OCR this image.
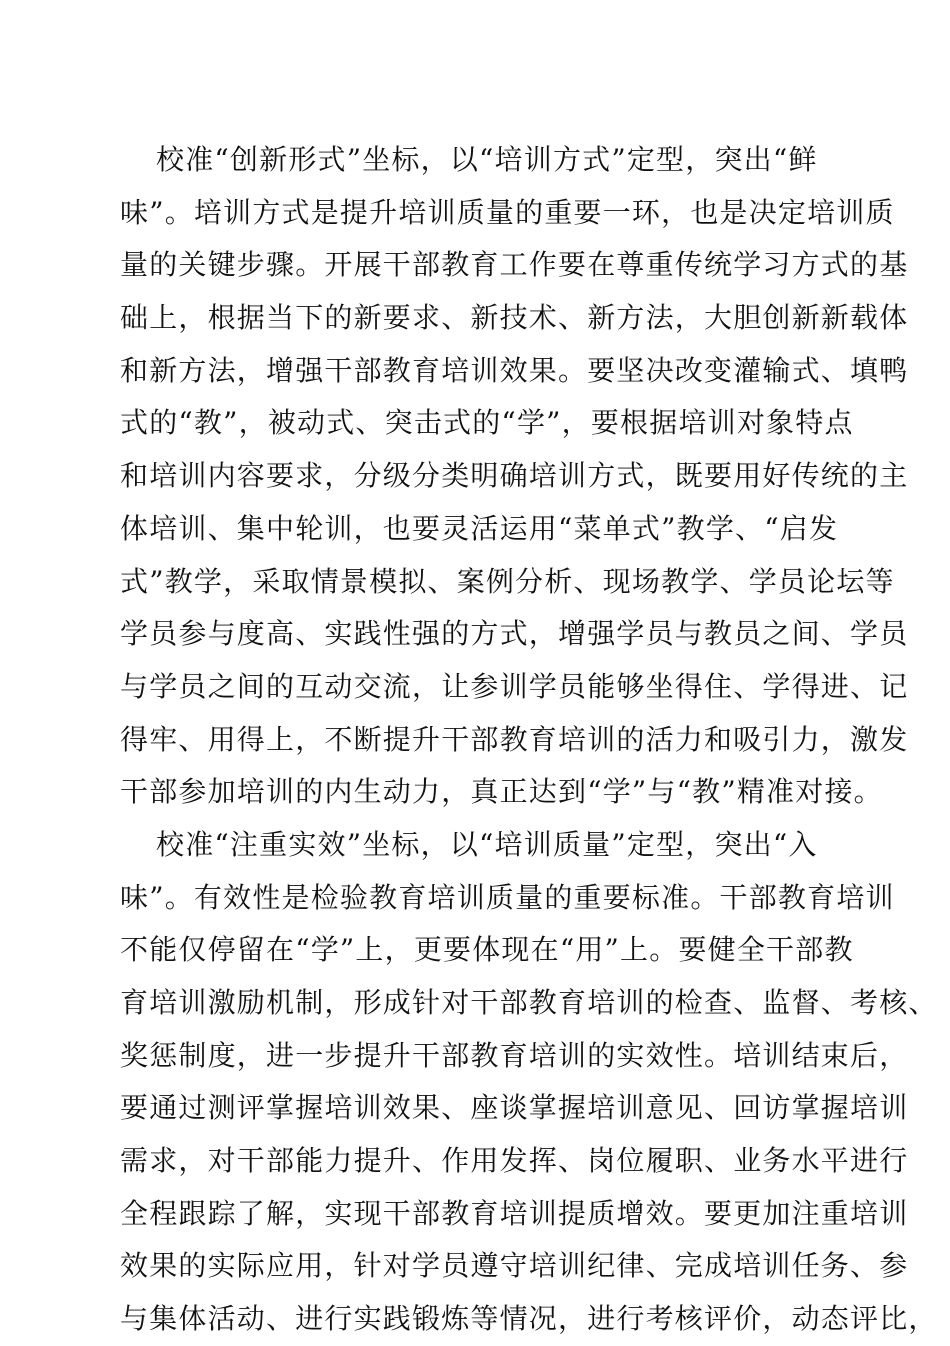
校准“创新形式”坐标，以“培训方式”定型，突出“鲜
味”。培训方式是提升培训质量的重要一环，也是决定培训质
量的关键步骤。开展干部教育工作要在尊重传统学习方式的基
础上，根据当下的新要求、新技术、新方法，大胆创新新载体
和新方法，增强干部教育培训效果。要坚决改变灌输式、填鸭
式的“教”，被动式、突击式的“学”，要根据培训对象特点
和培训内容要求，分级分类明确培训方式，既要用好传统的主
体培训、集中轮训，也要灵活运用“菜单式”教学、“启发
式”教学，采取情景模拟、案例分析、现场教学、学员论坛等
学员参与度高、实践性强的方式，增强学员与教员之间、学员
与学员之间的互动交流，让参训学员能够坐得住、学得进、记
得牢、用得上，不断提升干部教育培训的活力和吸引力，激发
干部参加培训的内生动力，真正达到“学”与“教”精准对接。
校准“注重实效”坐标，以“培训质量”定型，突出“入
味”。有效性是检验教育培训质量的重要标准。干部教育培训
不能仅停留在“学”上，更要体现在“用”上。要健全干部教
育培训激励机制，形成针对干部教育培训的检查、监督、考核、
奖惩制度，进一步提升干部教育培训的实效性。培训结束后，
要通过测评掌握培训效果、座谈掌握培训意见、回访掌握培训
需求，对干部能力提升、作用发挥、岗位履职、业务水平进行
全程跟踪了解，实现干部教育培训提质增效。要更加注重培训
效果的实际应用，针对学员遵守培训纪律、完成培训任务、参
与集体活动、进行实践锻炼等情况，进行考核评价，动态评比，
